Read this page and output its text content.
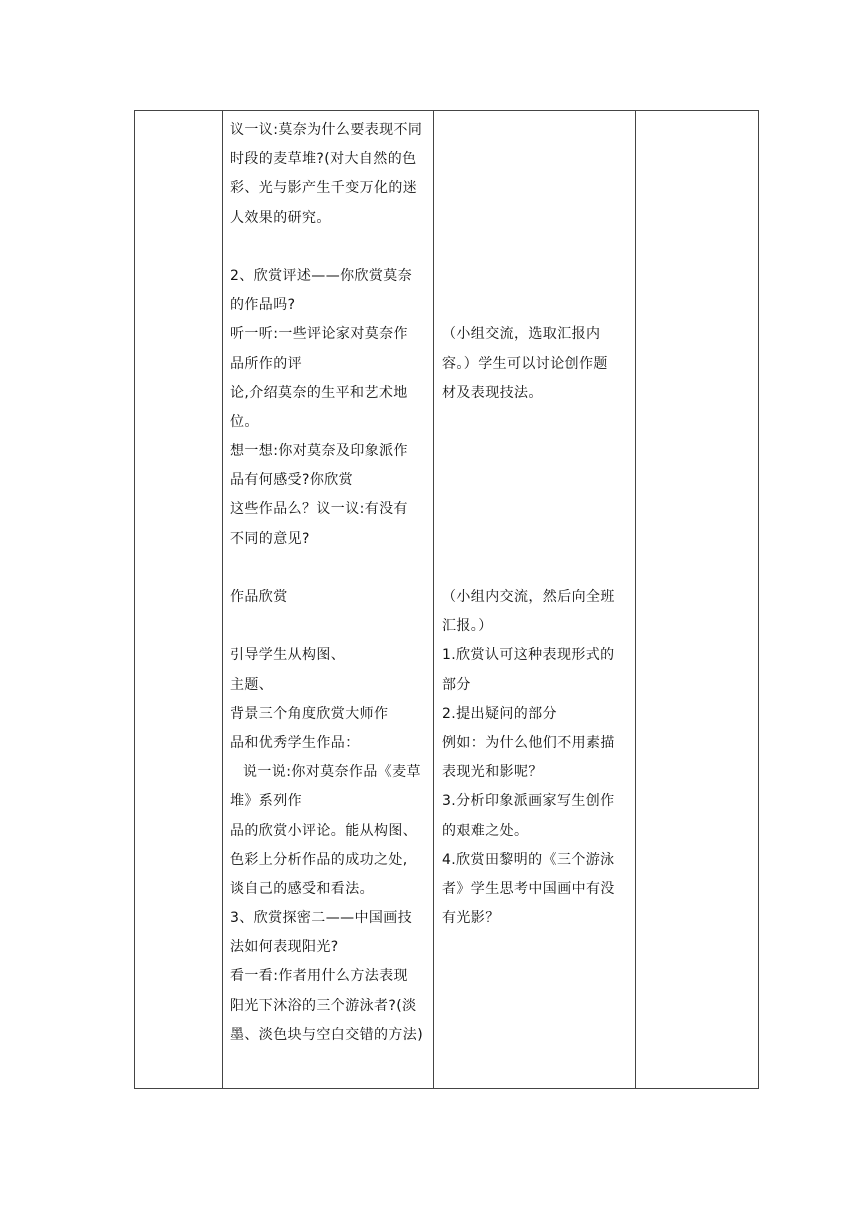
议一议:莫奈为什么要表现不同
时段的麦草堆?(对大自然的色
彩、光与影产生千变万化的迷
人效果的研究。
2、欣赏评述——你欣赏莫奈
的作品吗?
听一听:一些评论家对莫奈作
品所作的评
论,介绍莫奈的生平和艺术地
位。
想一想:你对莫奈及印象派作
品有何感受?你欣赏
这些作品么？议一议:有没有
不同的意见?
作品欣赏
引导学生从构图、
主题、
背景三个角度欣赏大师作
品和优秀学生作品：
说一说:你对莫奈作品《麦草
堆》系列作
品的欣赏小评论。能从构图、
色彩上分析作品的成功之处,
谈自己的感受和看法。
3、欣赏探密二——中国画技
法如何表现阳光?
看一看:作者用什么方法表现
阳光下沐浴的三个游泳者?(淡
墨、淡色块与空白交错的方法)
（小组交流，选取汇报内
容。）学生可以讨论创作题
材及表现技法。
（小组内交流，然后向全班
汇报。）
1.欣赏认可这种表现形式的
部分
2.提出疑问的部分
例如：为什么他们不用素描
表现光和影呢？
3.分析印象派画家写生创作
的艰难之处。
4.欣赏田黎明的《三个游泳
者》学生思考中国画中有没
有光影？
